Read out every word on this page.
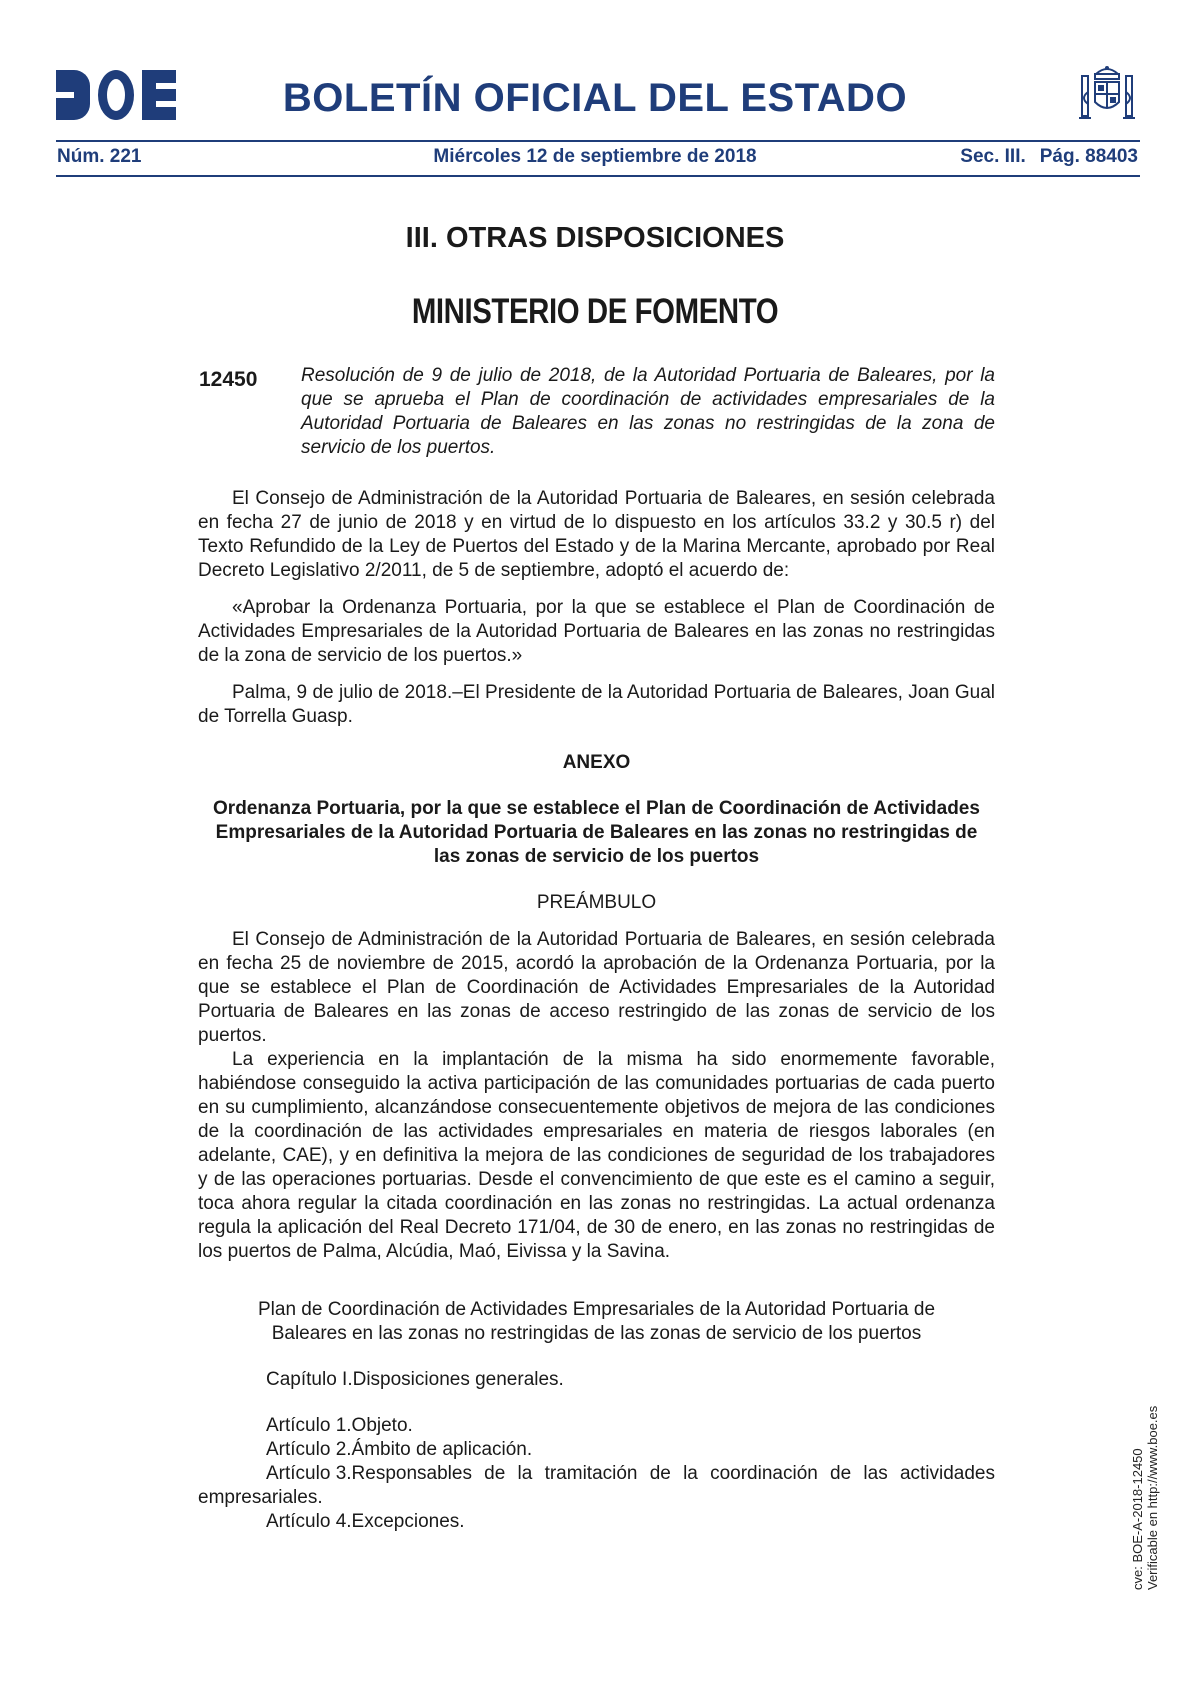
BOLETÍN OFICIAL DEL ESTADO
Núm. 221	Miércoles 12 de septiembre de 2018	Sec. III. Pág. 88403
III. OTRAS DISPOSICIONES
MINISTERIO DE FOMENTO
12450 Resolución de 9 de julio de 2018, de la Autoridad Portuaria de Baleares, por la que se aprueba el Plan de coordinación de actividades empresariales de la Autoridad Portuaria de Baleares en las zonas no restringidas de la zona de servicio de los puertos.

El Consejo de Administración de la Autoridad Portuaria de Baleares, en sesión celebrada en fecha 27 de junio de 2018 y en virtud de lo dispuesto en los artículos 33.2 y 30.5 r) del Texto Refundido de la Ley de Puertos del Estado y de la Marina Mercante, aprobado por Real Decreto Legislativo 2/2011, de 5 de septiembre, adoptó el acuerdo de:

«Aprobar la Ordenanza Portuaria, por la que se establece el Plan de Coordinación de Actividades Empresariales de la Autoridad Portuaria de Baleares en las zonas no restringidas de la zona de servicio de los puertos.»

Palma, 9 de julio de 2018.–El Presidente de la Autoridad Portuaria de Baleares, Joan Gual de Torrella Guasp.

ANEXO

Ordenanza Portuaria, por la que se establece el Plan de Coordinación de Actividades Empresariales de la Autoridad Portuaria de Baleares en las zonas no restringidas de las zonas de servicio de los puertos

PREÁMBULO

El Consejo de Administración de la Autoridad Portuaria de Baleares, en sesión celebrada en fecha 25 de noviembre de 2015, acordó la aprobación de la Ordenanza Portuaria, por la que se establece el Plan de Coordinación de Actividades Empresariales de la Autoridad Portuaria de Baleares en las zonas de acceso restringido de las zonas de servicio de los puertos.

La experiencia en la implantación de la misma ha sido enormemente favorable, habiéndose conseguido la activa participación de las comunidades portuarias de cada puerto en su cumplimiento, alcanzándose consecuentemente objetivos de mejora de las condiciones de la coordinación de las actividades empresariales en materia de riesgos laborales (en adelante, CAE), y en definitiva la mejora de las condiciones de seguridad de los trabajadores y de las operaciones portuarias. Desde el convencimiento de que este es el camino a seguir, toca ahora regular la citada coordinación en las zonas no restringidas. La actual ordenanza regula la aplicación del Real Decreto 171/04, de 30 de enero, en las zonas no restringidas de los puertos de Palma, Alcúdia, Maó, Eivissa y la Savina.

Plan de Coordinación de Actividades Empresariales de la Autoridad Portuaria de Baleares en las zonas no restringidas de las zonas de servicio de los puertos

Capítulo I.Disposiciones generales.

Artículo 1.Objeto.

Artículo 2.Ámbito de aplicación.

Artículo 3.Responsables de la tramitación de la coordinación de las actividades empresariales.

Artículo 4.Excepciones.	cve: BOE-A-2018-12450 Verificable en http://www.boe.es
